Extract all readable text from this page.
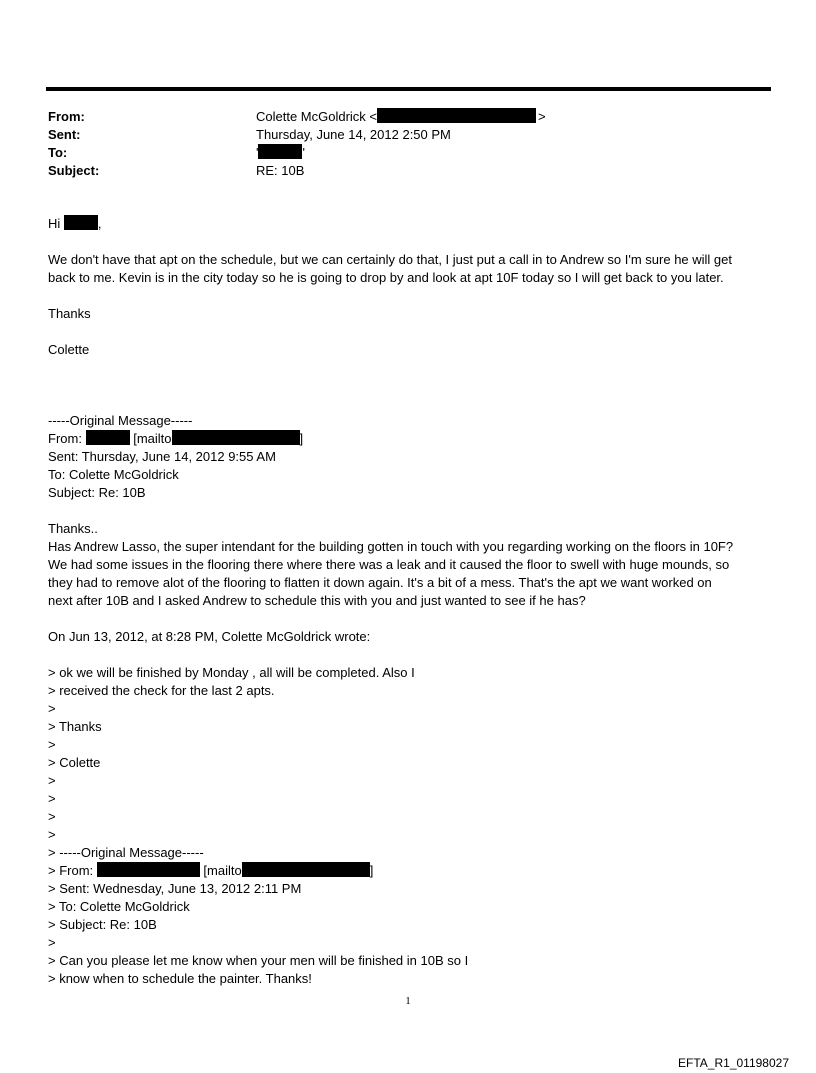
From:	Colette McGoldrick <	>
Sent:	Thursday, June 14, 2012 2:50 PM
To:	'	'
Subject:	RE: 10B
Hi	,
We don't have that apt on the schedule, but we can certainly do that, I just put a call in to Andrew so I'm sure he will get
back to me. Kevin is in the city today so he is going to drop by and look at apt 10F today so I will get back to you later.
Thanks
Colette
-----Original Message-----
From:	[mailto	]
Sent: Thursday, June 14, 2012 9:55 AM
To: Colette McGoldrick
Subject: Re: 10B
Thanks..
Has Andrew Lasso, the super intendant for the building gotten in touch with you regarding working on the floors in 10F?
We had some issues in the flooring there where there was a leak and it caused the floor to swell with huge mounds, so
they had to remove alot of the flooring to flatten it down again. It's a bit of a mess. That's the apt we want worked on
next after 10B and I asked Andrew to schedule this with you and just wanted to see if he has?
On Jun 13, 2012, at 8:28 PM, Colette McGoldrick wrote:
> ok we will be finished by Monday , all will be completed. Also I
> received the check for the last 2 apts.
>
> Thanks
>
> Colette
>
>
>
>
> -----Original Message-----
> From:	[mailto	]
> Sent: Wednesday, June 13, 2012 2:11 PM
> To: Colette McGoldrick
> Subject: Re: 10B
>
> Can you please let me know when your men will be finished in 10B so I
> know when to schedule the painter. Thanks!
1
EFTA_R1_01198027
